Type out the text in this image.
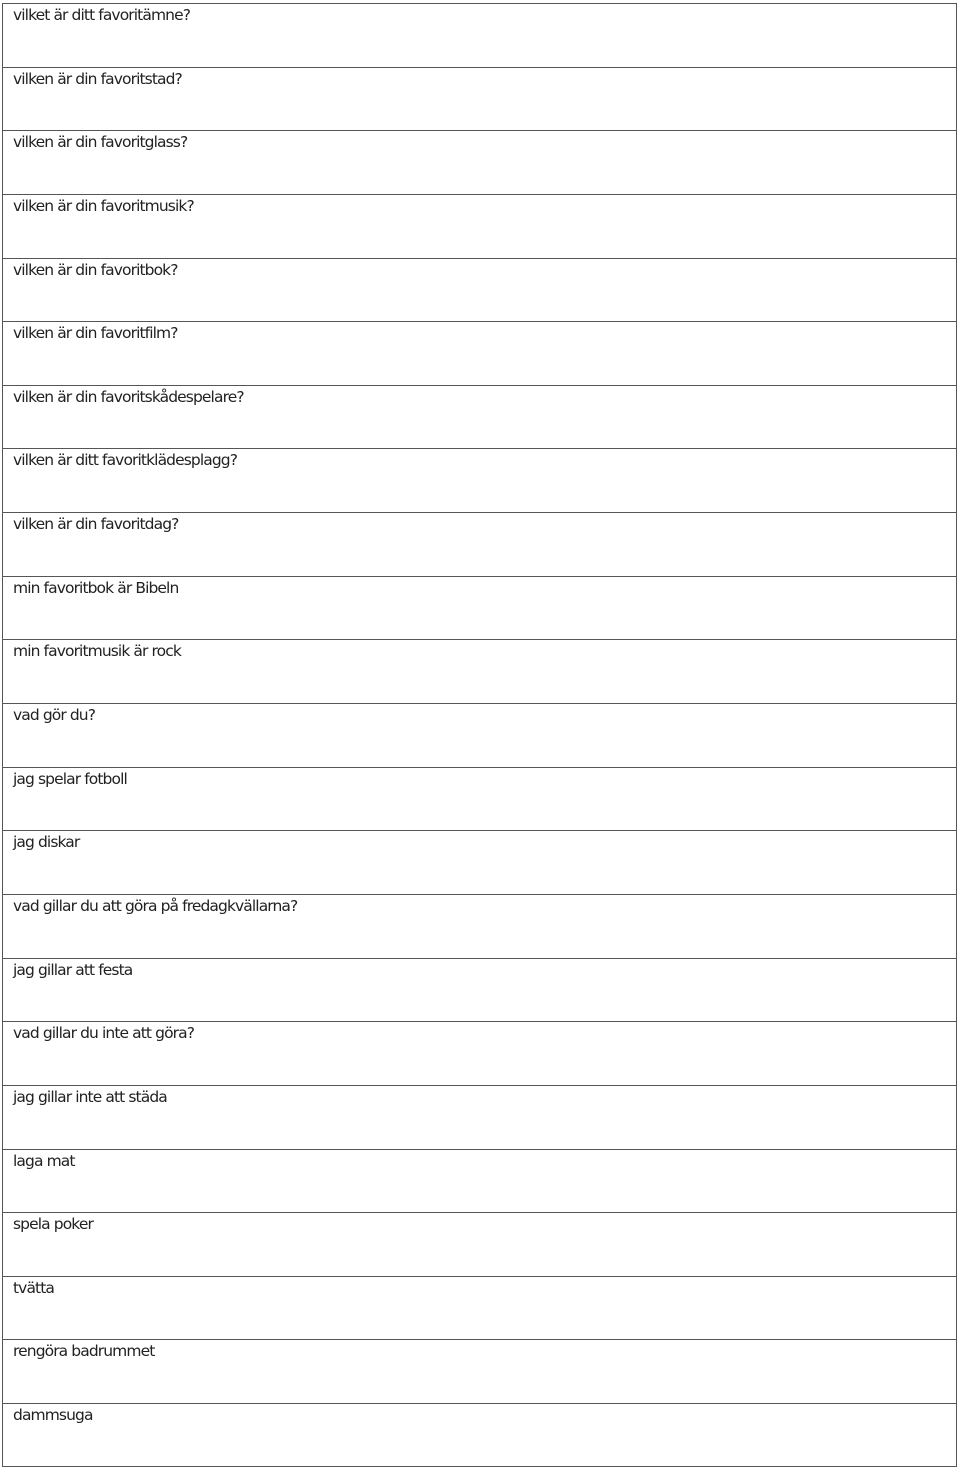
vilket är ditt favoritämne?
vilken är din favoritstad?
vilken är din favoritglass?
vilken är din favoritmusik?
vilken är din favoritbok?
vilken är din favoritfilm?
vilken är din favoritskådespelare?
vilken är ditt favoritklädesplagg?
vilken är din favoritdag?
min favoritbok är Bibeln
min favoritmusik är rock
vad gör du?
jag spelar fotboll
jag diskar
vad gillar du att göra på fredagkvällarna?
jag gillar att festa
vad gillar du inte att göra?
jag gillar inte att städa
laga mat
spela poker
tvätta
rengöra badrummet
dammsuga
